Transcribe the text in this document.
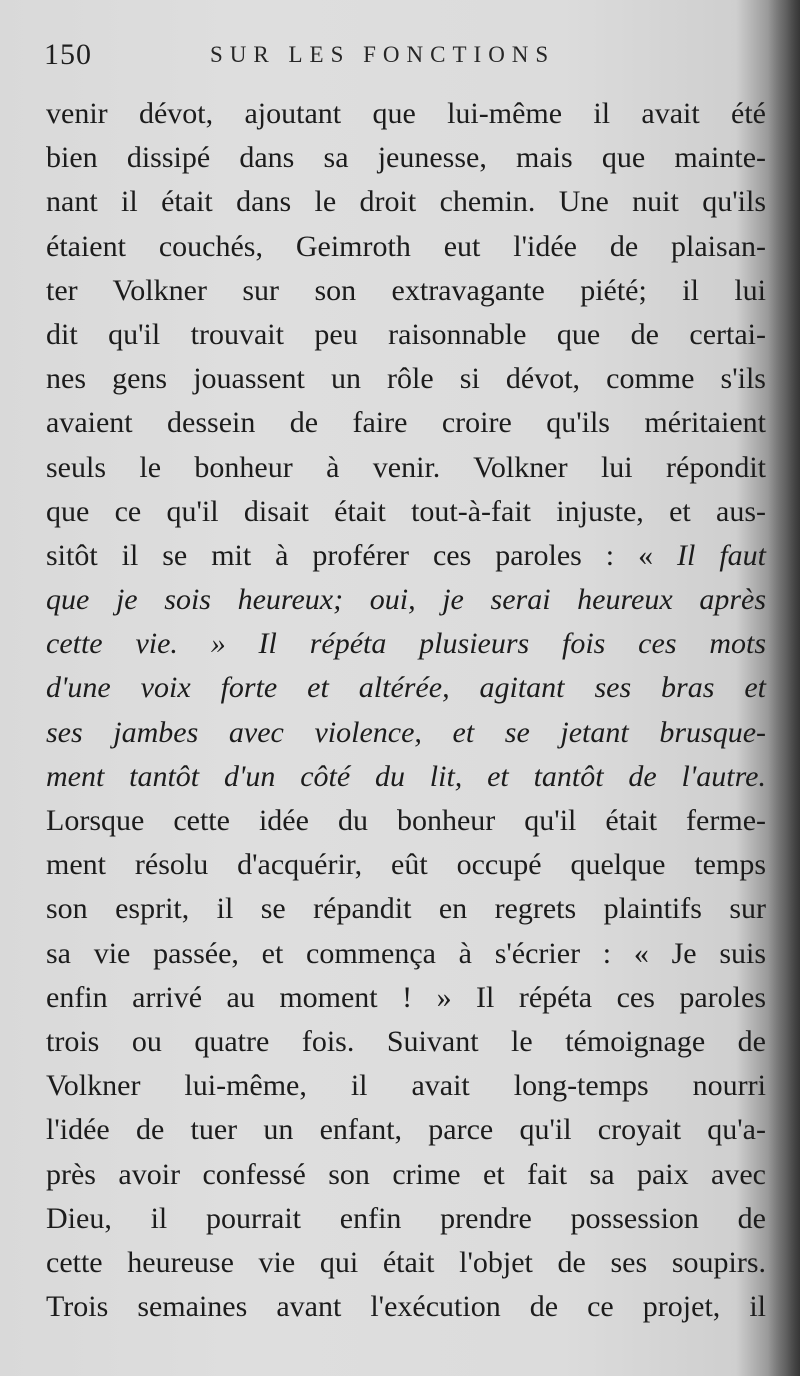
150	SUR LES FONCTIONS
venir dévot, ajoutant que lui-même il avait été
bien dissipé dans sa jeunesse, mais que mainte-
nant il était dans le droit chemin. Une nuit qu'ils
étaient couchés, Geimroth eut l'idée de plaisan-
ter Volkner sur son extravagante piété; il lui
dit qu'il trouvait peu raisonnable que de certai-
nes gens jouassent un rôle si dévot, comme s'ils
avaient dessein de faire croire qu'ils méritaient
seuls le bonheur à venir. Volkner lui répondit
que ce qu'il disait était tout-à-fait injuste, et aus-
sitôt il se mit à proférer ces paroles : « Il faut
que je sois heureux; oui, je serai heureux après
cette vie. » Il répéta plusieurs fois ces mots
d'une voix forte et altérée, agitant ses bras et
ses jambes avec violence, et se jetant brusque-
ment tantôt d'un côté du lit, et tantôt de l'autre.
Lorsque cette idée du bonheur qu'il était ferme-
ment résolu d'acquérir, eût occupé quelque temps
son esprit, il se répandit en regrets plaintifs sur
sa vie passée, et commença à s'écrier : « Je suis
enfin arrivé au moment ! » Il répéta ces paroles
trois ou quatre fois. Suivant le témoignage de
Volkner lui-même, il avait long-temps nourri
l'idée de tuer un enfant, parce qu'il croyait qu'a-
près avoir confessé son crime et fait sa paix avec
Dieu, il pourrait enfin prendre possession de
cette heureuse vie qui était l'objet de ses soupirs.
Trois semaines avant l'exécution de ce projet, il
